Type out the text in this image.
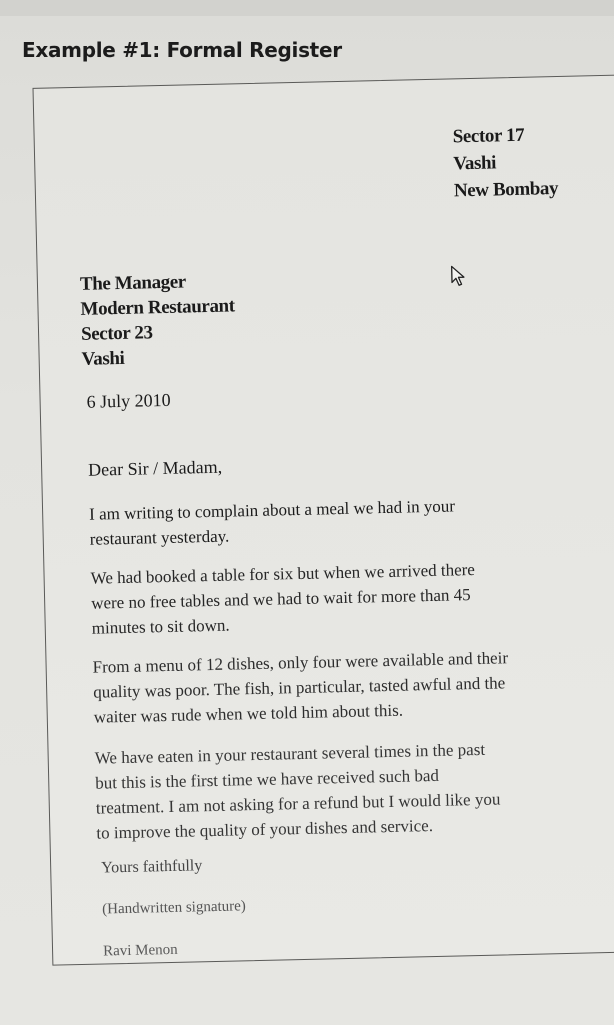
Example #1: Formal Register
Sector 17
Vashi
New Bombay
The Manager
Modern Restaurant
Sector 23
Vashi
6 July 2010
Dear Sir / Madam,
I am writing to complain about a meal we had in your
restaurant yesterday.
We had booked a table for six but when we arrived there
were no free tables and we had to wait for more than 45
minutes to sit down.
From a menu of 12 dishes, only four were available and their
quality was poor. The fish, in particular, tasted awful and the
waiter was rude when we told him about this.
We have eaten in your restaurant several times in the past
but this is the first time we have received such bad
treatment. I am not asking for a refund but I would like you
to improve the quality of your dishes and service.
Yours faithfully
(Handwritten signature)
Ravi Menon
